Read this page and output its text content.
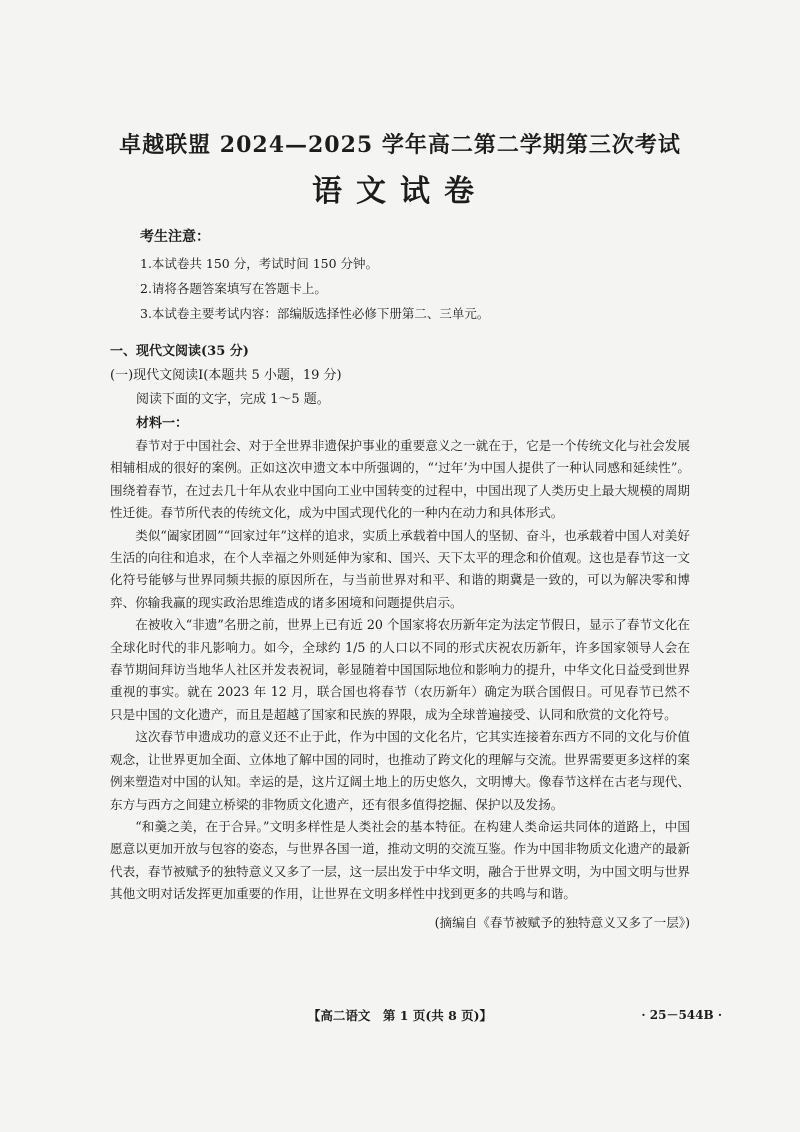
卓越联盟 2024—2025 学年高二第二学期第三次考试
语文试卷
考生注意：
1.本试卷共 150 分，考试时间 150 分钟。
2.请将各题答案填写在答题卡上。
3.本试卷主要考试内容：部编版选择性必修下册第二、三单元。
一、现代文阅读(35 分)
(一)现代文阅读Ⅰ(本题共 5 小题，19 分)
阅读下面的文字，完成 1～5 题。
材料一：

春节对于中国社会、对于全世界非遗保护事业的重要意义之一就在于，它是一个传统文化与社会发展相辅相成的很好的案例。正如这次申遗文本中所强调的，“‘过年’为中国人提供了一种认同感和延续性”。围绕着春节，在过去几十年从农业中国向工业中国转变的过程中，中国出现了人类历史上最大规模的周期性迁徙。春节所代表的传统文化，成为中国式现代化的一种内在动力和具体形式。

类似“阖家团圆”“回家过年”这样的追求，实质上承载着中国人的坚韧、奋斗，也承载着中国人对美好生活的向往和追求，在个人幸福之外则延伸为家和、国兴、天下太平的理念和价值观。这也是春节这一文化符号能够与世界同频共振的原因所在，与当前世界对和平、和谐的期冀是一致的，可以为解决零和博弈、你输我赢的现实政治思维造成的诸多困境和问题提供启示。

在被收入“非遗”名册之前，世界上已有近 20 个国家将农历新年定为法定节假日，显示了春节文化在全球化时代的非凡影响力。如今，全球约 1/5 的人口以不同的形式庆祝农历新年，许多国家领导人会在春节期间拜访当地华人社区并发表祝词，彰显随着中国国际地位和影响力的提升，中华文化日益受到世界重视的事实。就在 2023 年 12 月，联合国也将春节（农历新年）确定为联合国假日。可见春节已然不只是中国的文化遗产，而且是超越了国家和民族的界限，成为全球普遍接受、认同和欣赏的文化符号。

这次春节申遗成功的意义还不止于此，作为中国的文化名片，它其实连接着东西方不同的文化与价值观念，让世界更加全面、立体地了解中国的同时，也推动了跨文化的理解与交流。世界需要更多这样的案例来塑造对中国的认知。幸运的是，这片辽阔土地上的历史悠久，文明博大。像春节这样在古老与现代、东方与西方之间建立桥梁的非物质文化遗产，还有很多值得挖掘、保护以及发扬。

“和羹之美，在于合异。”文明多样性是人类社会的基本特征。在构建人类命运共同体的道路上，中国愿意以更加开放与包容的姿态，与世界各国一道，推动文明的交流互鉴。作为中国非物质文化遗产的最新代表，春节被赋予的独特意义又多了一层，这一层出发于中华文明，融合于世界文明，为中国文明与世界其他文明对话发挥更加重要的作用，让世界在文明多样性中找到更多的共鸣与和谐。

(摘编自《春节被赋予的独特意义又多了一层》)
【高二语文　第 1 页(共 8 页)】	· 25－544B ·
